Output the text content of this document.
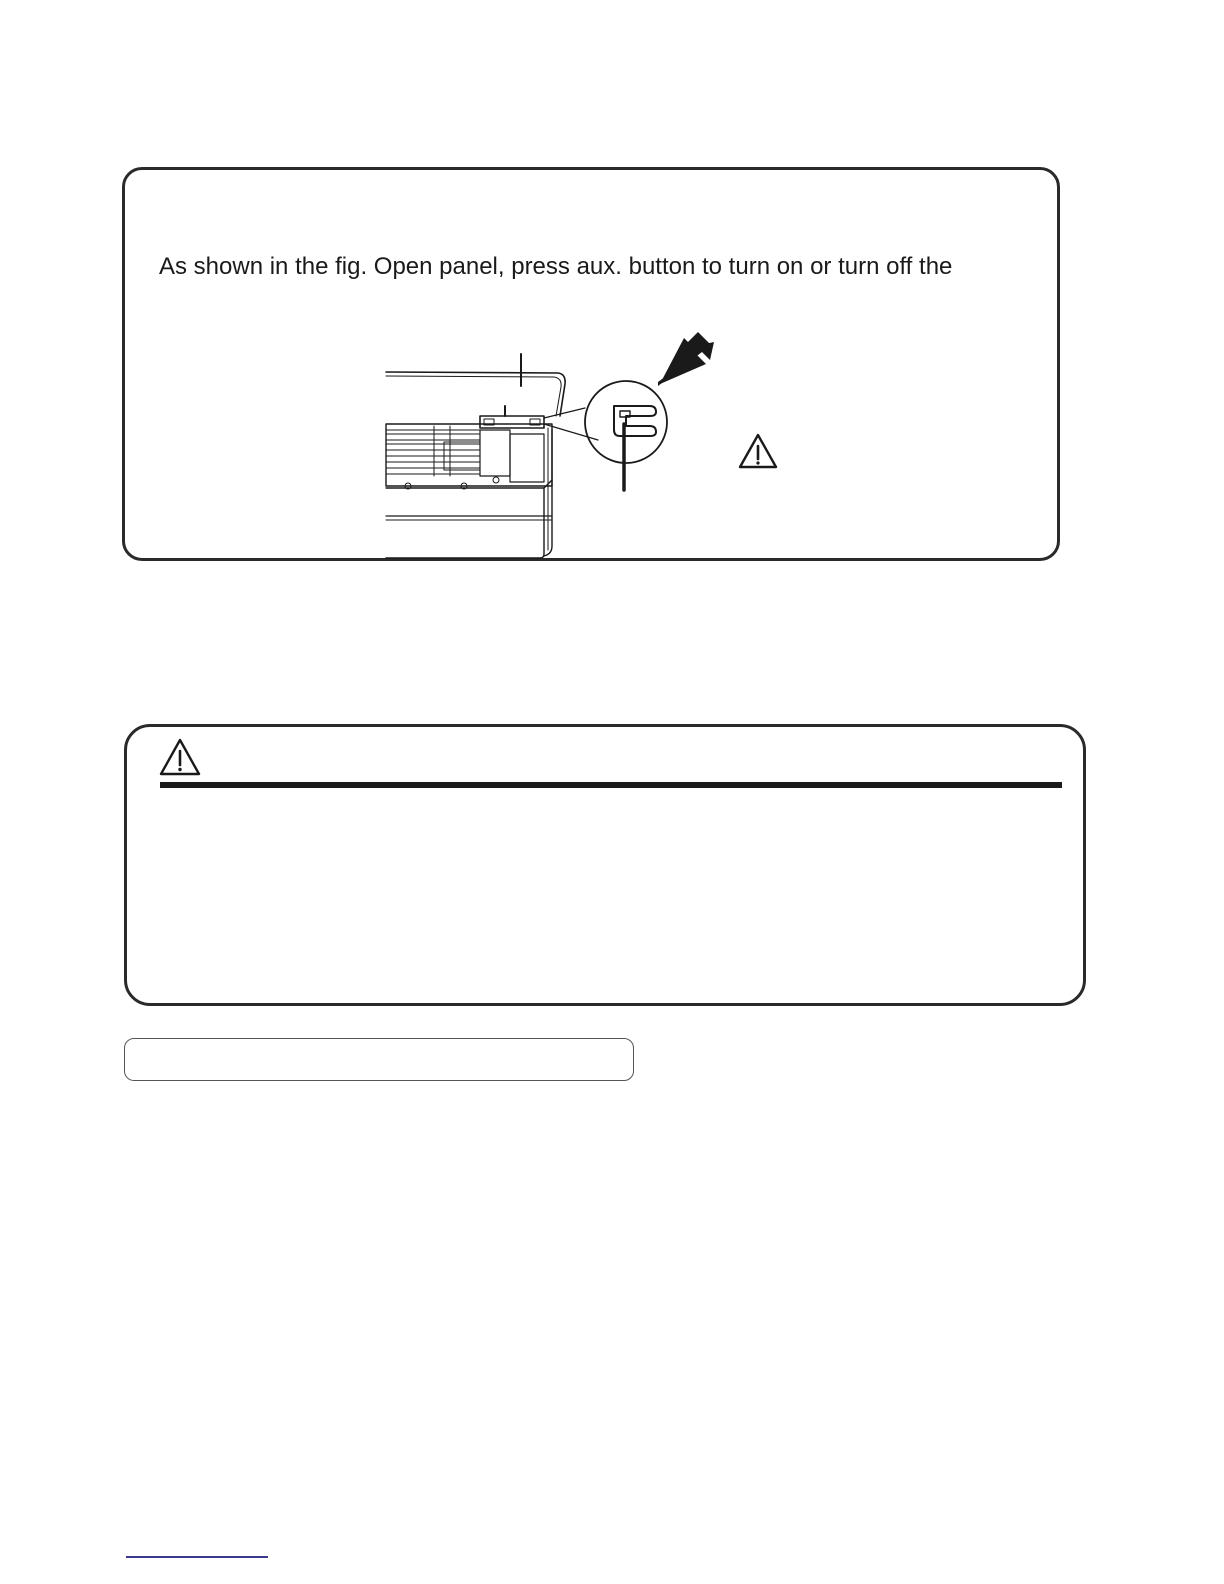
As shown in the fig. Open panel, press aux. button to turn on or turn off the
